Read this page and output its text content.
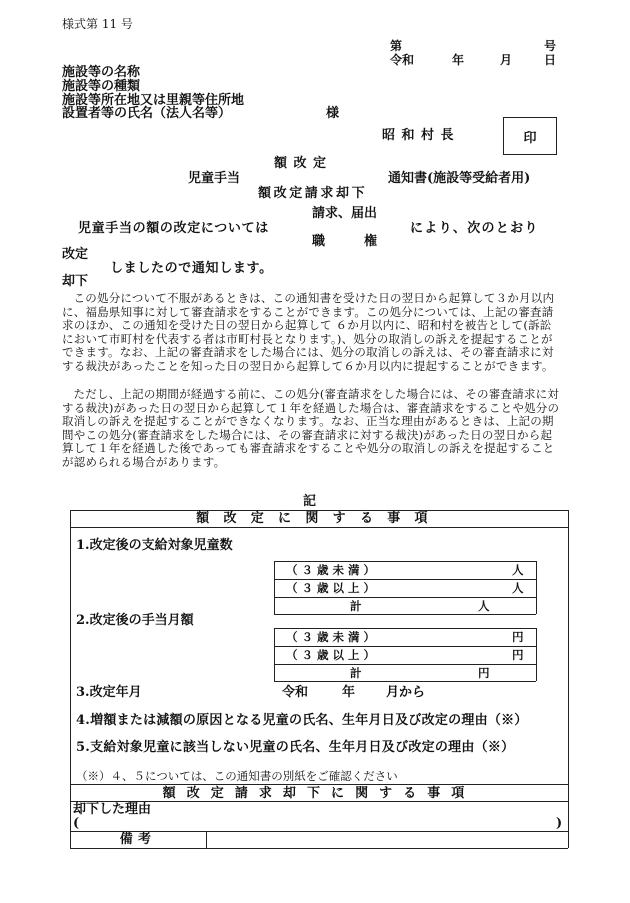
様式第 11 号
第	号
令和	年	月	日
施設等の名称
施設等の種類
施設等所在地又は里親等住所地
設置者等の氏名（法人名等）	様
昭和村長	印
額改定
児童手当	通知書(施設等受給者用)
額改定請求却下
請求、届出
児童手当の額の改定については	により、次のとおり
職　　　権
改定
しましたので通知します。
却下

この処分について不服があるときは、この通知書を受けた日の翌日から起算して３か月以内に、福島県知事に対して審査請求をすることができます。この処分については、上記の審査請求のほか、この通知を受けた日の翌日から起算して ６か月以内に、昭和村を被告として(訴訟において市町村を代表する者は市町村長となります。)、処分の取消しの訴えを提起することができます。なお、上記の審査請求をした場合には、処分の取消しの訴えは、その審査請求に対する裁決があったことを知った日の翌日から起算して６か月以内に提起することができます。

ただし、上記の期間が経過する前に、この処分(審査請求をした場合には、その審査請求に対する裁決)があった日の翌日から起算して１年を経過した場合は、審査請求をすることや処分の取消しの訴えを提起することができなくなります。なお、正当な理由があるときは、上記の期間やこの処分(審査請求をした場合には、その審査請求に対する裁決)があった日の翌日から起算して１年を経過した後であっても審査請求をすることや処分の取消しの訴えを提起することが認められる場合があります。

記
額改定に関する事項
1.改定後の支給対象児童数
（ ３ 歳 未 満 ）	人
（ ３ 歳 以 上 ）	人
計	人
2.改定後の手当月額
（ ３ 歳 未 満 ）	円
（ ３ 歳 以 上 ）	円
計	円
3.改定年月	令和	年 月から
4.増額または減額の原因となる児童の氏名、生年月日及び改定の理由（※）
5.支給対象児童に該当しない児童の氏名、生年月日及び改定の理由（※）
（※）４、５については、この通知書の別紙をご確認ください
額改定請求却下に関する事項
却下した理由
(	)
備考
